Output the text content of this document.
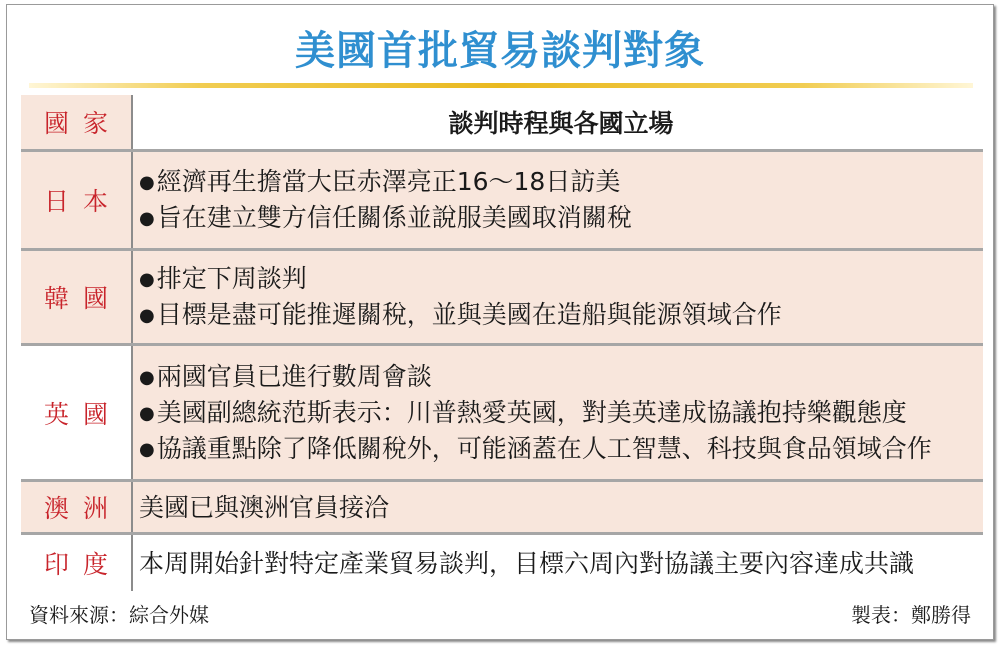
美國首批貿易談判對象
國家	談判時程與各國立場
日本
● 經濟再生擔當大臣赤澤亮正16～18日訪美
● 旨在建立雙方信任關係並說服美國取消關稅
韓國
● 排定下周談判
● 目標是盡可能推遲關稅，並與美國在造船與能源領域合作
英國
● 兩國官員已進行數周會談
● 美國副總統范斯表示：川普熱愛英國，對美英達成協議抱持樂觀態度
● 協議重點除了降低關稅外，可能涵蓋在人工智慧、科技與食品領域合作
澳洲 美國已與澳洲官員接洽
印度 本周開始針對特定產業貿易談判，目標六周內對協議主要內容達成共識
資料來源：綜合外媒	製表：鄭勝得
